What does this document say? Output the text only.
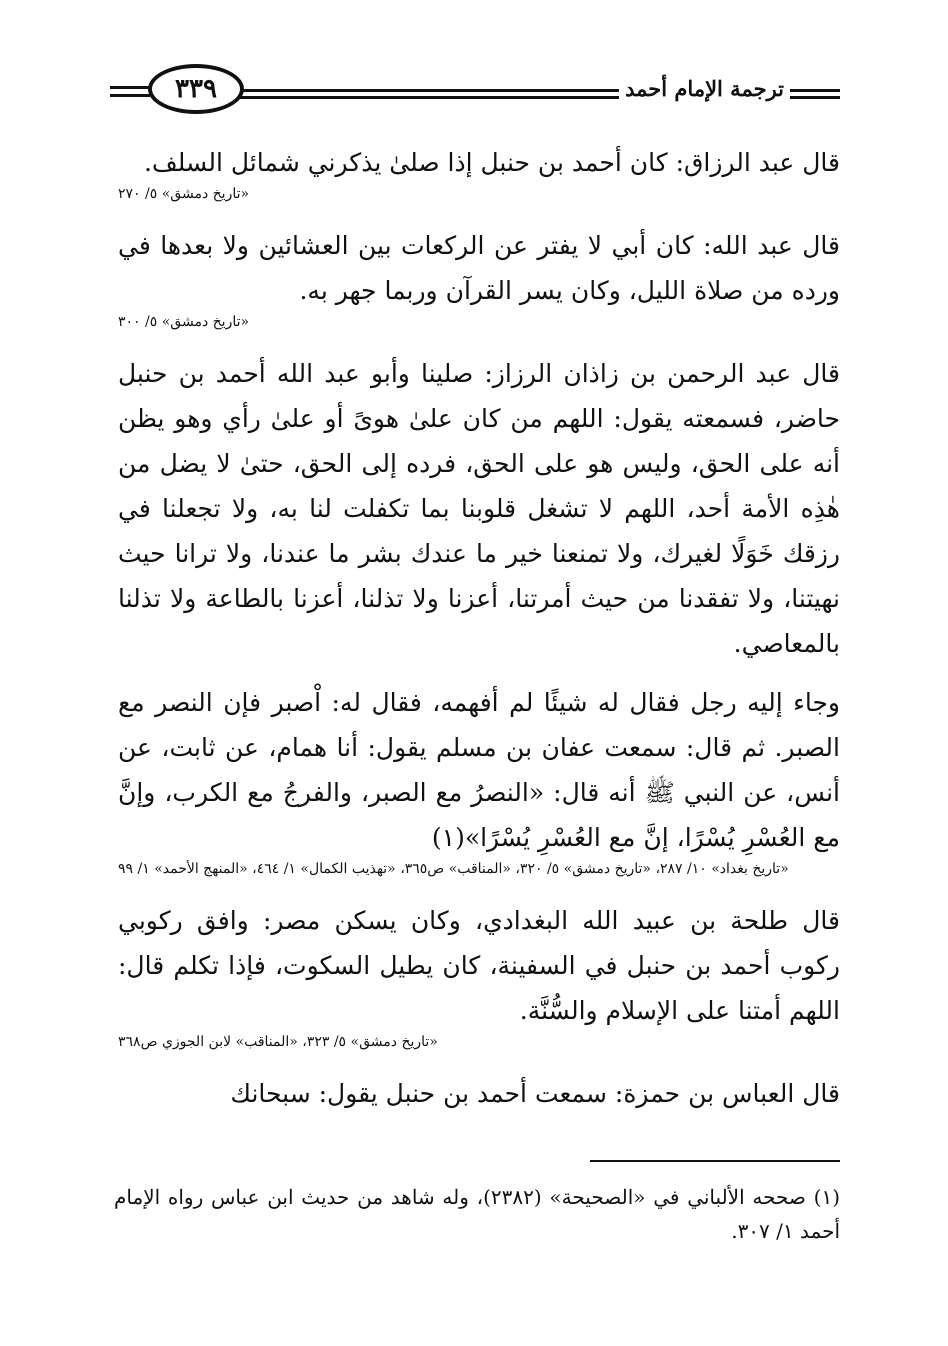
٣٣٩	ترجمة الإمام أحمد

قال عبد الرزاق: كان أحمد بن حنبل إذا صلىٰ يذكرني شمائل السلف.

«تاريخ دمشق» ٥/ ٢٧٠

قال عبد الله: كان أبي لا يفتر عن الركعات بين العشائين ولا بعدها في ورده من صلاة الليل، وكان يسر القرآن وربما جهر به.

«تاريخ دمشق» ٥/ ٣٠٠

قال عبد الرحمن بن زاذان الرزاز: صلينا وأبو عبد الله أحمد بن حنبل حاضر، فسمعته يقول: اللهم من كان علىٰ هوىً أو علىٰ رأي وهو يظن أنه على الحق، وليس هو على الحق، فرده إلى الحق، حتىٰ لا يضل من هٰذِه الأمة أحد، اللهم لا تشغل قلوبنا بما تكفلت لنا به، ولا تجعلنا في رزقك خَوَلًا لغيرك، ولا تمنعنا خير ما عندك بشر ما عندنا، ولا ترانا حيث نهيتنا، ولا تفقدنا من حيث أمرتنا، أعزنا ولا تذلنا، أعزنا بالطاعة ولا تذلنا بالمعاصي.

وجاء إليه رجل فقال له شيئًا لم أفهمه، فقال له: اْصبر فإن النصر مع الصبر. ثم قال: سمعت عفان بن مسلم يقول: أنا همام، عن ثابت، عن أنس، عن النبي ﷺ أنه قال: «النصرُ مع الصبر، والفرجُ مع الكرب، وإنَّ مع العُسْرِ يُسْرًا، إنَّ مع العُسْرِ يُسْرًا»(١)

«تاريخ بغداد» ١٠/ ٢٨٧، «تاريخ دمشق» ٥/ ٣٢٠، «المناقب» ص٣٦٥، «تهذيب الكمال» ١/ ٤٦٤، «المنهج الأحمد» ١/ ٩٩

قال طلحة بن عبيد الله البغدادي، وكان يسكن مصر: وافق ركوبي ركوب أحمد بن حنبل في السفينة، كان يطيل السكوت، فإذا تكلم قال: اللهم أمتنا على الإسلام والسُّنَّة.

«تاريخ دمشق» ٥/ ٣٢٣، «المناقب» لابن الجوزي ص٣٦٨

قال العباس بن حمزة: سمعت أحمد بن حنبل يقول: سبحانك

(١) صححه الألباني في «الصحيحة» (٢٣٨٢)، وله شاهد من حديث ابن عباس رواه الإمام أحمد ١/ ٣٠٧.
